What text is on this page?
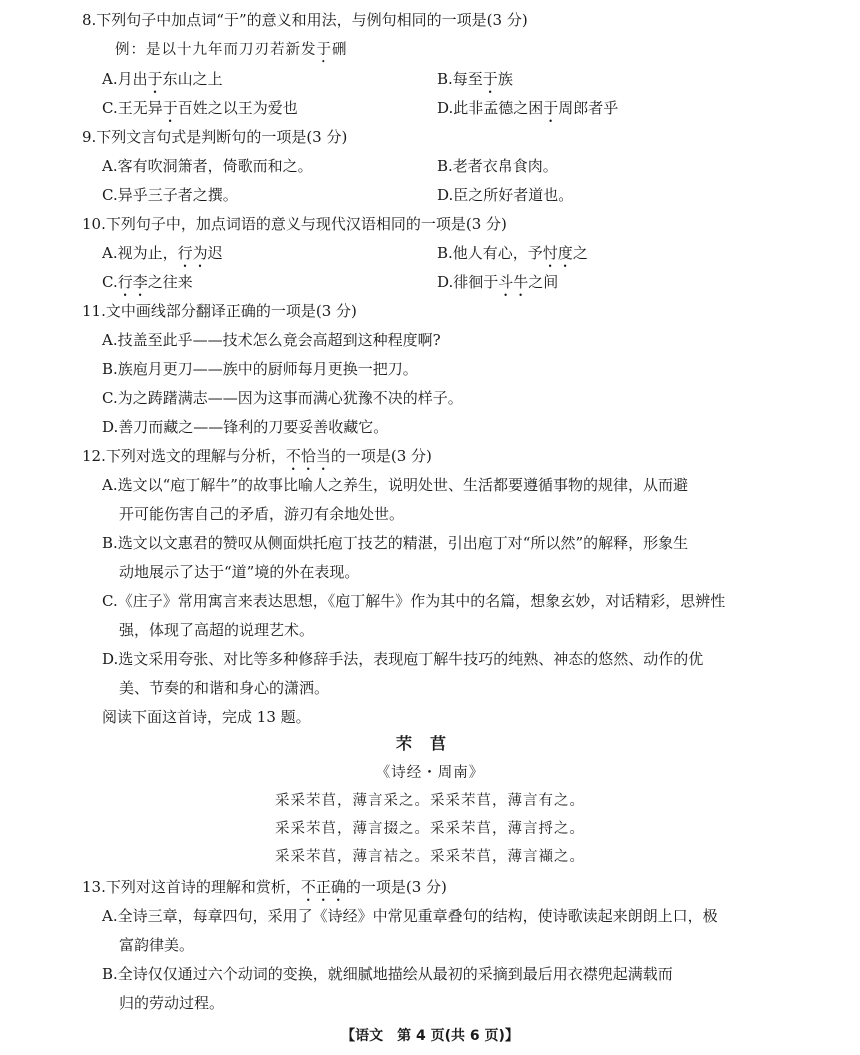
8.下列句子中加点词“于”的意义和用法，与例句相同的一项是(3 分)
例：是以十九年而刀刃若新发于硎
A.月出于东山之上	B.每至于族
C.王无异于百姓之以王为爱也	D.此非孟德之困于周郎者乎
9.下列文言句式是判断句的一项是(3 分)
A.客有吹洞箫者，倚歌而和之。	B.老者衣帛食肉。
C.异乎三子者之撰。	D.臣之所好者道也。
10.下列句子中，加点词语的意义与现代汉语相同的一项是(3 分)
A.视为止，行为迟	B.他人有心，予忖度之
C.行李之往来	D.徘徊于斗牛之间
11.文中画线部分翻译正确的一项是(3 分)
A.技盖至此乎——技术怎么竟会高超到这种程度啊?
B.族庖月更刀——族中的厨师每月更换一把刀。
C.为之踌躇满志——因为这事而满心犹豫不决的样子。
D.善刀而藏之——锋利的刀要妥善收藏它。
12.下列对选文的理解与分析，不恰当的一项是(3 分)
A.选文以“庖丁解牛”的故事比喻人之养生，说明处世、生活都要遵循事物的规律，从而避
开可能伤害自己的矛盾，游刃有余地处世。
B.选文以文惠君的赞叹从侧面烘托庖丁技艺的精湛，引出庖丁对“所以然”的解释，形象生
动地展示了达于“道”境的外在表现。
C.《庄子》常用寓言来表达思想，《庖丁解牛》作为其中的名篇，想象玄妙，对话精彩，思辨性
强，体现了高超的说理艺术。
D.选文采用夸张、对比等多种修辞手法，表现庖丁解牛技巧的纯熟、神态的悠然、动作的优
美、节奏的和谐和身心的潇洒。
阅读下面这首诗，完成 13 题。
芣苢
《诗经・周南》
采采芣苢，薄言采之。采采芣苢，薄言有之。
采采芣苢，薄言掇之。采采芣苢，薄言捋之。
采采芣苢，薄言袺之。采采芣苢，薄言襭之。
13.下列对这首诗的理解和赏析，不正确的一项是(3 分)
A.全诗三章，每章四句，采用了《诗经》中常见重章叠句的结构，使诗歌读起来朗朗上口，极
富韵律美。
B.全诗仅仅通过六个动词的变换，就细腻地描绘从最初的采摘到最后用衣襟兜起满载而
归的劳动过程。
【语文　第 4 页(共 6 页)】
